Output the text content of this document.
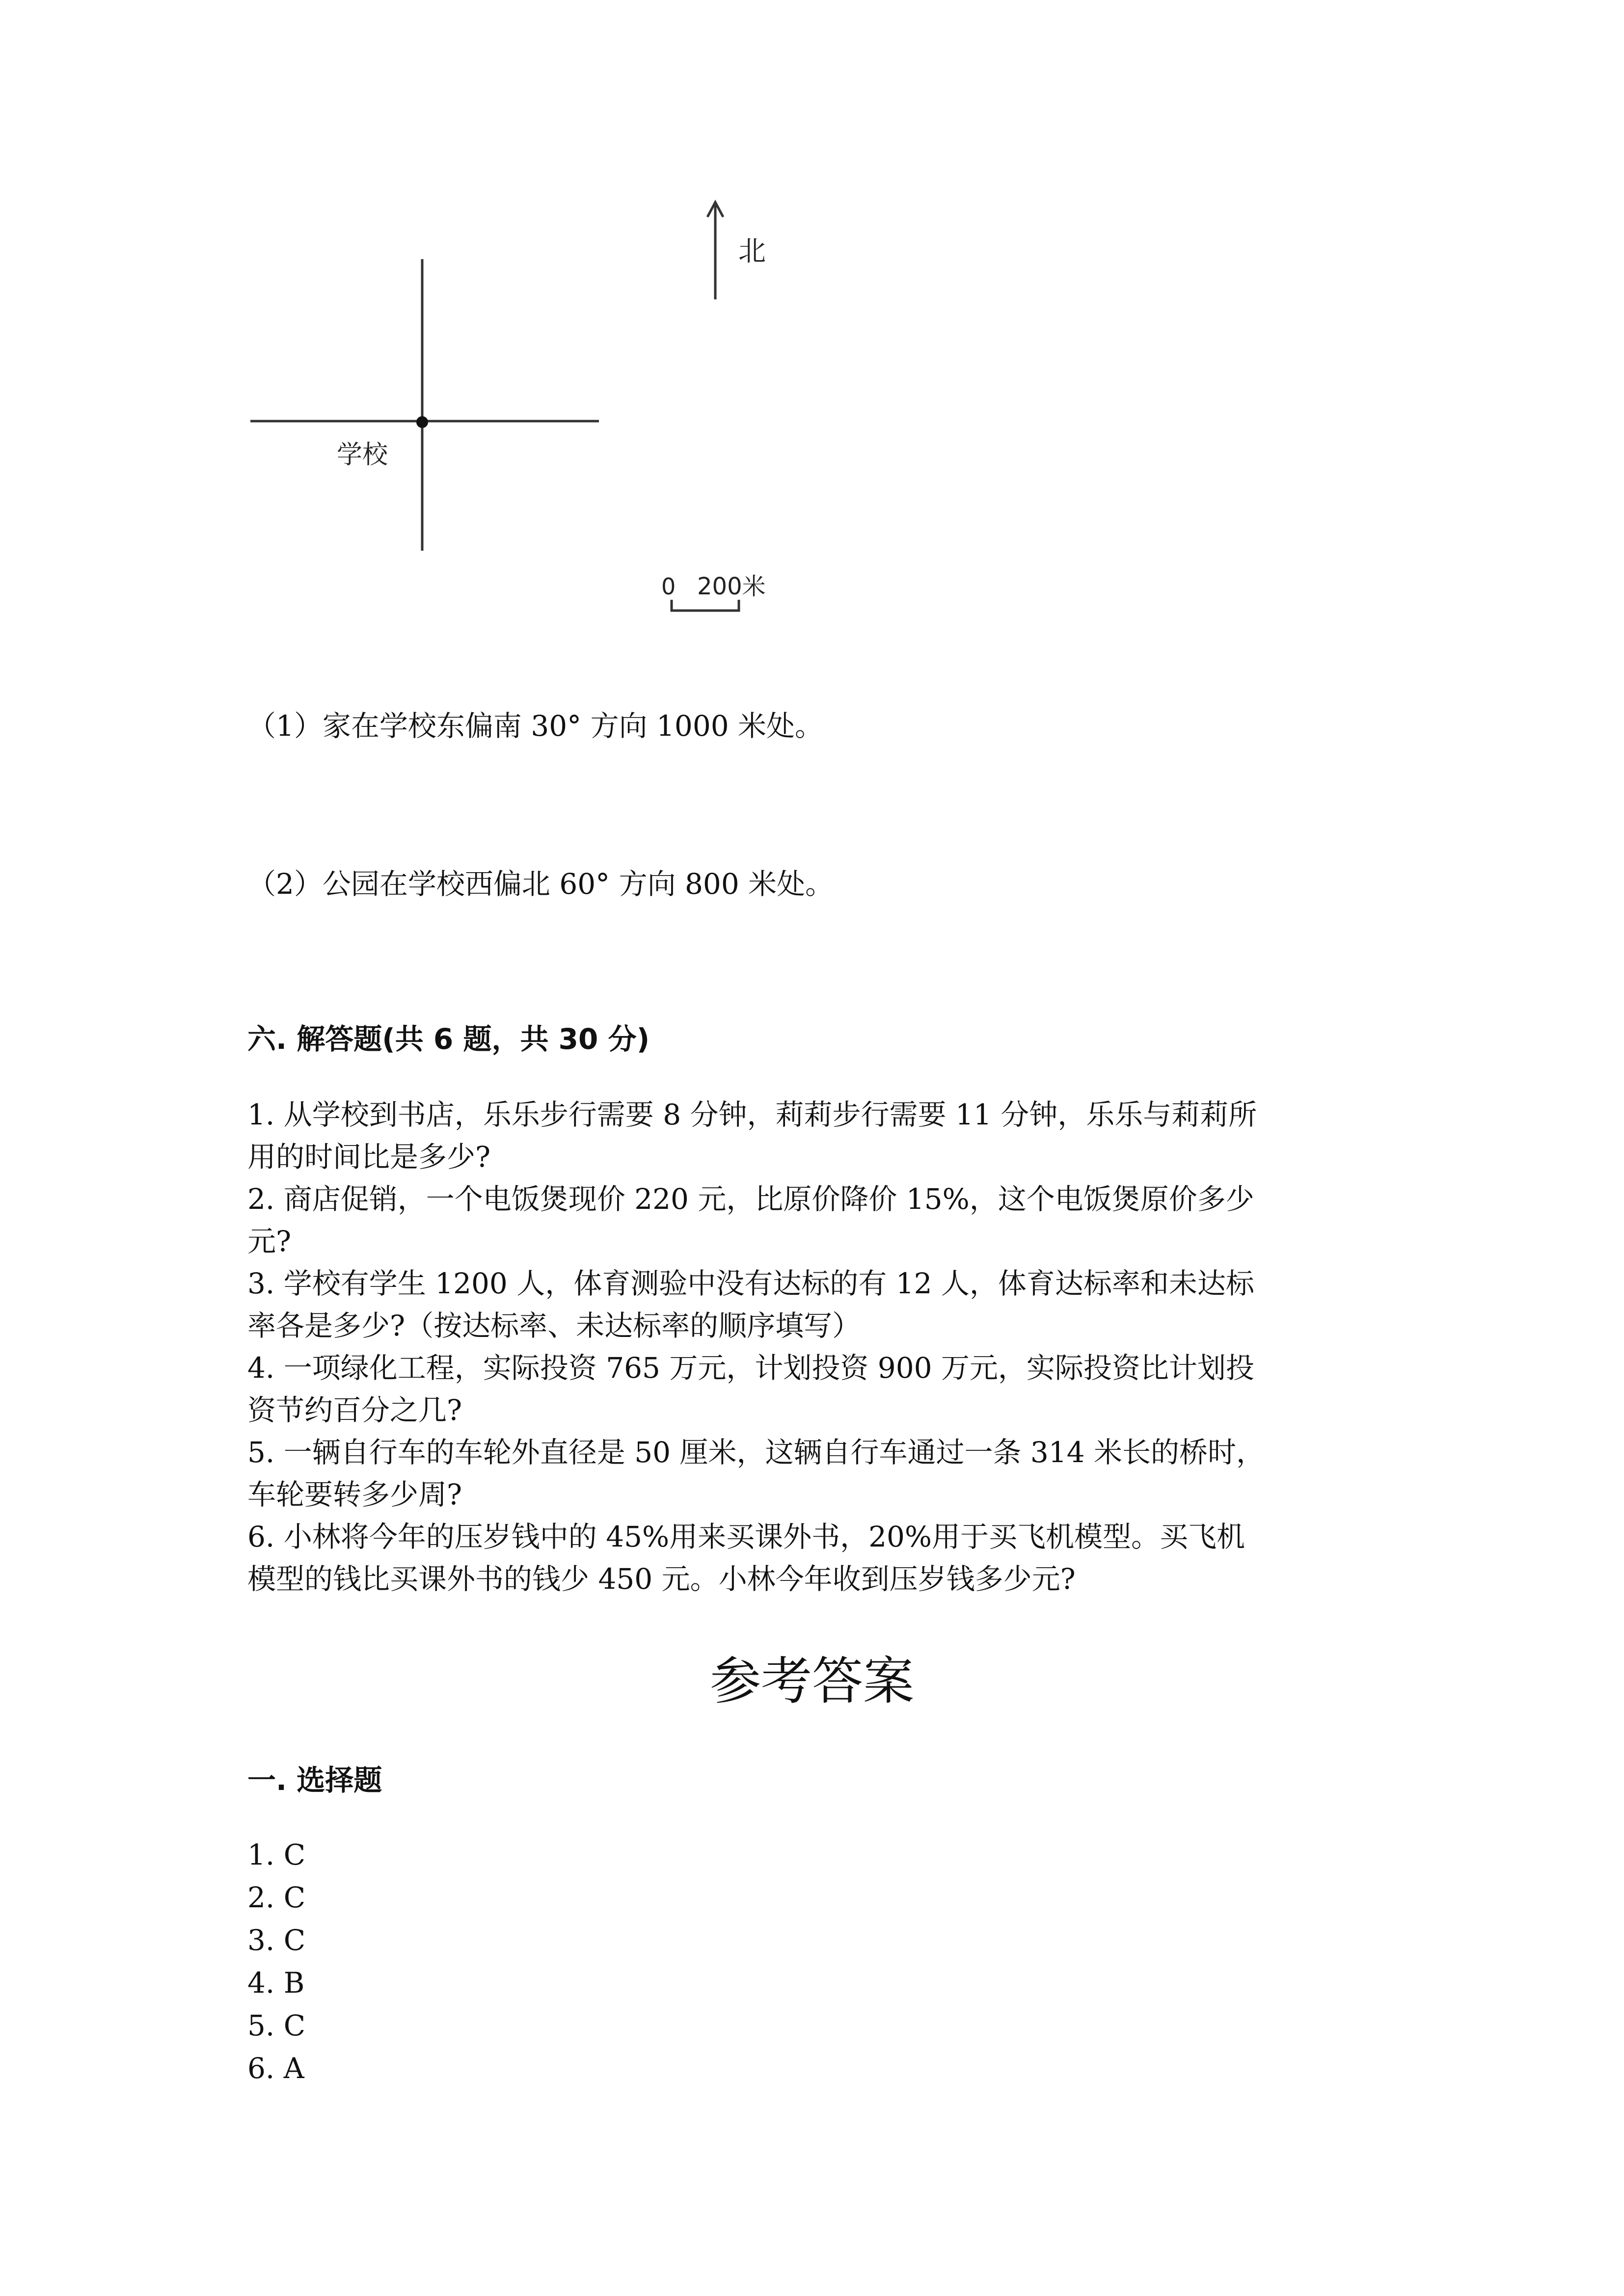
北
学校
0 200米
（1）家在学校东偏南 30° 方向 1000 米处。
（2）公园在学校西偏北 60° 方向 800 米处。
六. 解答题(共 6 题，共 30 分)
1. 从学校到书店，乐乐步行需要 8 分钟，莉莉步行需要 11 分钟，乐乐与莉莉所
用的时间比是多少?
2. 商店促销，一个电饭煲现价 220 元，比原价降价 15%，这个电饭煲原价多少
元?
3. 学校有学生 1200 人，体育测验中没有达标的有 12 人，体育达标率和未达标
率各是多少?（按达标率、未达标率的顺序填写）
4. 一项绿化工程，实际投资 765 万元，计划投资 900 万元，实际投资比计划投
资节约百分之几?
5. 一辆自行车的车轮外直径是 50 厘米，这辆自行车通过一条 314 米长的桥时，
车轮要转多少周?
6. 小林将今年的压岁钱中的 45%用来买课外书，20%用于买飞机模型。买飞机
模型的钱比买课外书的钱少 450 元。小林今年收到压岁钱多少元?
参考答案
一. 选择题
1. C
2. C
3. C
4. B
5. C
6. A
